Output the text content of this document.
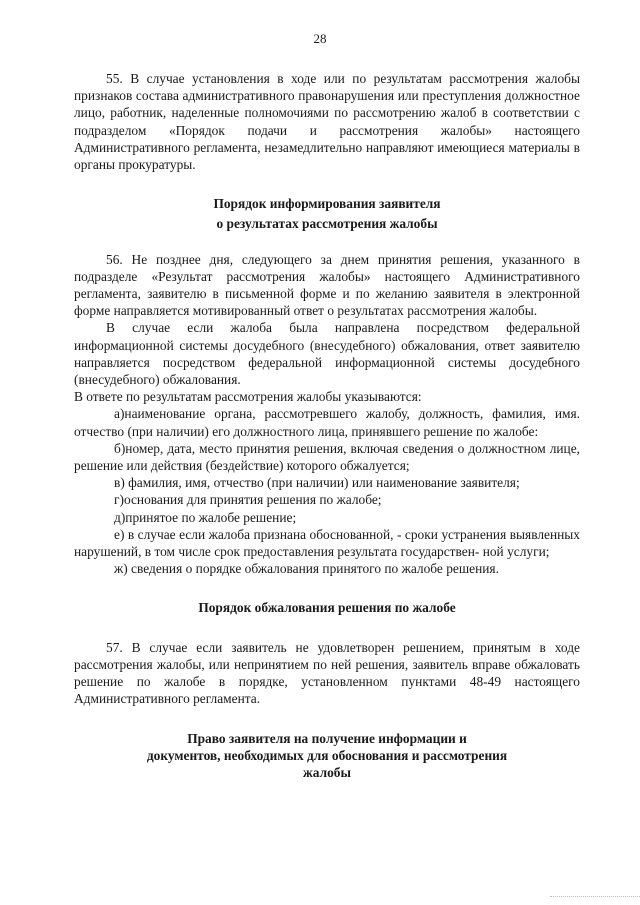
28

55. В случае установления в ходе или по результатам рассмотрения жалобы признаков состава административного правонарушения или преступления должностное лицо, работник, наделенные полномочиями по рассмотрению жалоб в соответствии с подразделом «Порядок подачи и рассмотрения жалобы» настоящего Административного регламента, незамедлительно направляют имеющиеся материалы в органы прокуратуры.

Порядок информирования заявителя

о результатах рассмотрения жалобы

56. Не позднее дня, следующего за днем принятия решения, указанного в подразделе «Результат рассмотрения жалобы» настоящего Административного регламента, заявителю в письменной форме и по желанию заявителя в электронной форме направляется мотивированный ответ о результатах рассмотрения жалобы.

В случае если жалоба была направлена посредством федеральной информационной системы досудебного (внесудебного) обжалования, ответ заявителю направляется посредством федеральной информационной системы досудебного (внесудебного) обжалования.

В ответе по результатам рассмотрения жалобы указываются:

а)наименование органа, рассмотревшего жалобу, должность, фамилия, имя. отчество (при наличии) его должностного лица, принявшего решение по жалобе:

б)номер, дата, место принятия решения, включая сведения о должностном лице, решение или действия (бездействие) которого обжалуется;

в) фамилия, имя, отчество (при наличии) или наименование заявителя;

г)основания для принятия решения по жалобе;

д)принятое по жалобе решение;

е) в случае если жалоба признана обоснованной, - сроки устранения выявленных нарушений, в том числе срок предоставления результата государствен- ной услуги;

ж) сведения о порядке обжалования принятого по жалобе решения.

Порядок обжалования решения по жалобе

57. В случае если заявитель не удовлетворен решением, принятым в ходе рассмотрения жалобы, или непринятием по ней решения, заявитель вправе обжаловать решение по жалобе в порядке, установленном пунктами 48-49 настоящего Административного регламента.

Право заявителя на получение информации и

документов, необходимых для обоснования и рассмотрения

жалобы
